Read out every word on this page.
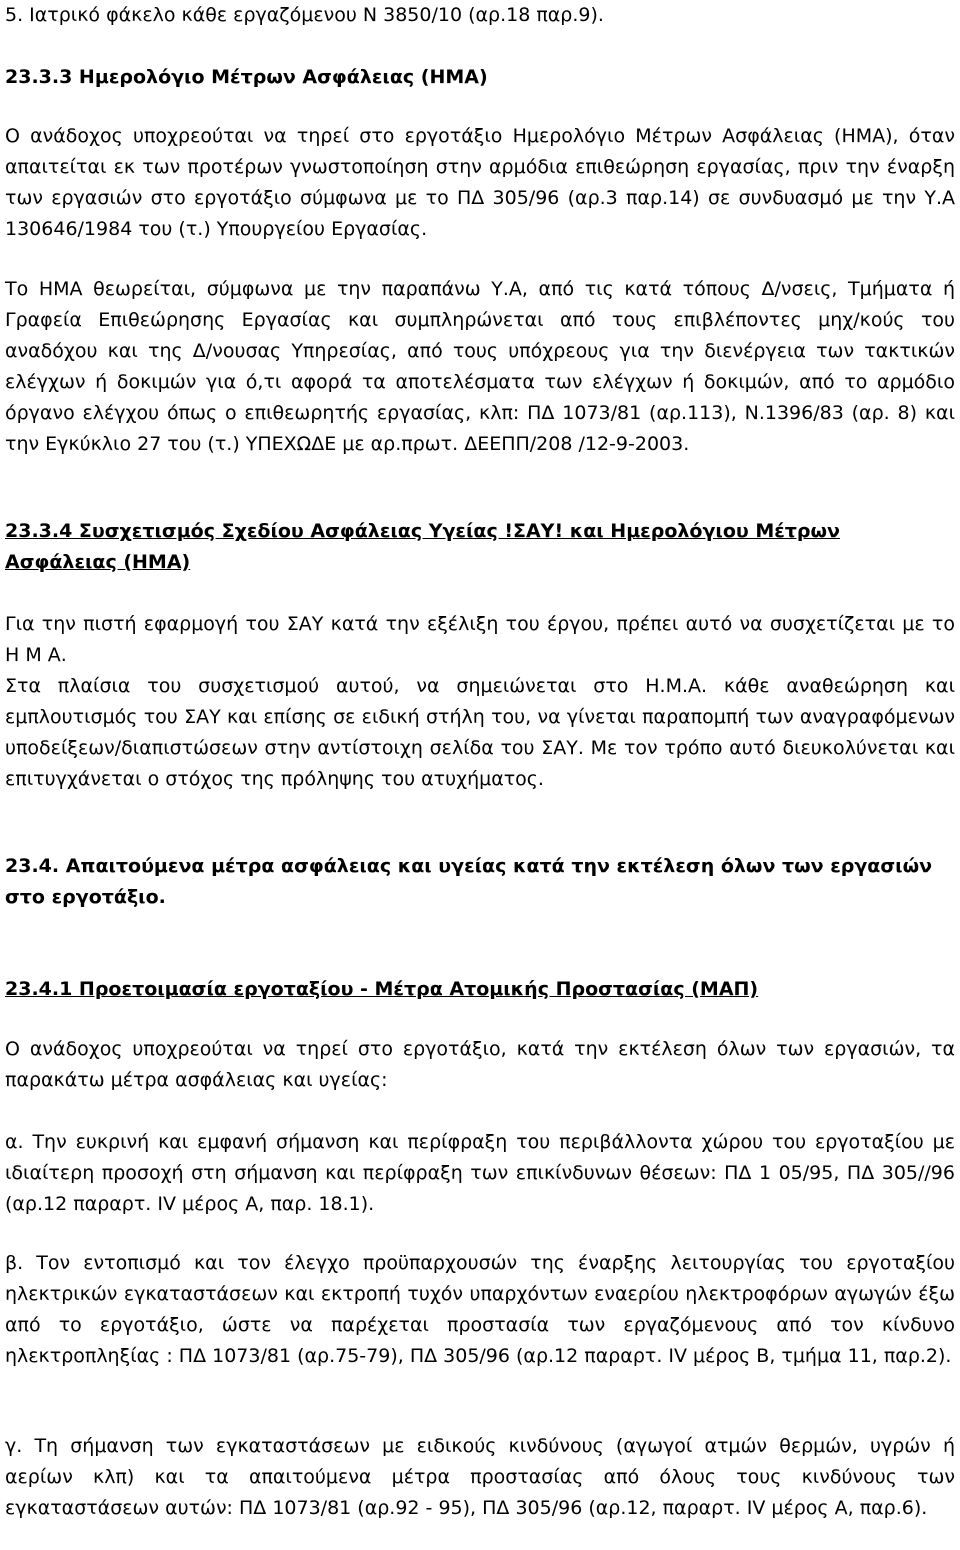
5. Ιατρικό φάκελο κάθε εργαζόμενου Ν 3850/10 (αρ.18 παρ.9).
23.3.3 Ημερολόγιο Μέτρων Ασφάλειας (ΗΜΑ)
Ο ανάδοχος υποχρεούται να τηρεί στο εργοτάξιο Ημερολόγιο Μέτρων Ασφάλειας (ΗΜΑ), όταν απαιτείται εκ των προτέρων γνωστοποίηση στην αρμόδια επιθεώρηση εργασίας, πριν την έναρξη των εργασιών στο εργοτάξιο σύμφωνα με το ΠΔ 305/96 (αρ.3 παρ.14) σε συνδυασμό με την Υ.Α 130646/1984 του (τ.) Υπουργείου Εργασίας.
Το ΗΜΑ θεωρείται, σύμφωνα με την παραπάνω Υ.Α, από τις κατά τόπους Δ/νσεις, Τμήματα ή Γραφεία Επιθεώρησης Εργασίας και συμπληρώνεται από τους επιβλέποντες μηχ/κούς του αναδόχου και της Δ/νουσας Υπηρεσίας, από τους υπόχρεους για την διενέργεια των τακτικών ελέγχων ή δοκιμών για ό,τι αφορά τα αποτελέσματα των ελέγχων ή δοκιμών, από το αρμόδιο όργανο ελέγχου όπως ο επιθεωρητής εργασίας, κλπ: ΠΔ 1073/81 (αρ.113), Ν.1396/83 (αρ. 8) και την Εγκύκλιο 27 του (τ.) ΥΠΕΧΩΔΕ με αρ.πρωτ. ΔΕΕΠΠ/208 /12-9-2003.
23.3.4 Συσχετισμός Σχεδίου Ασφάλειας Υγείας !ΣΑΥ! και Ημερολόγιου Μέτρων Ασφάλειας (ΗΜΑ)
Για την πιστή εφαρμογή του ΣΑΥ κατά την εξέλιξη του έργου, πρέπει αυτό να συσχετίζεται με το Η Μ Α.
Στα πλαίσια του συσχετισμού αυτού, να σημειώνεται στο Η.Μ.Α. κάθε αναθεώρηση και εμπλουτισμός του ΣΑΥ και επίσης σε ειδική στήλη του, να γίνεται παραπομπή των αναγραφόμενων υποδείξεων/διαπιστώσεων στην αντίστοιχη σελίδα του ΣΑΥ. Με τον τρόπο αυτό διευκολύνεται και επιτυγχάνεται ο στόχος της πρόληψης του ατυχήματος.
23.4. Απαιτούμενα μέτρα ασφάλειας και υγείας κατά την εκτέλεση όλων των εργασιών στο εργοτάξιο.
23.4.1 Προετοιμασία εργοταξίου - Μέτρα Ατομικής Προστασίας (ΜΑΠ)
Ο ανάδοχος υποχρεούται να τηρεί στο εργοτάξιο, κατά την εκτέλεση όλων των εργασιών, τα παρακάτω μέτρα ασφάλειας και υγείας:
α. Την ευκρινή και εμφανή σήμανση και περίφραξη του περιβάλλοντα χώρου του εργοταξίου με ιδιαίτερη προσοχή στη σήμανση και περίφραξη των επικίνδυνων θέσεων: ΠΔ 1 05/95, ΠΔ 305//96 (αρ.12 παραρτ. IV μέρος Α, παρ. 18.1).
β. Τον εντοπισμό και τον έλεγχο προϋπαρχουσών της έναρξης λειτουργίας του εργοταξίου ηλεκτρικών εγκαταστάσεων και εκτροπή τυχόν υπαρχόντων εναερίου ηλεκτροφόρων αγωγών έξω από το εργοτάξιο, ώστε να παρέχεται προστασία των εργαζόμενους από τον κίνδυνο ηλεκτροπληξίας : ΠΔ 1073/81 (αρ.75-79), ΠΔ 305/96 (αρ.12 παραρτ. IV μέρος Β, τμήμα 11, παρ.2).
γ. Τη σήμανση των εγκαταστάσεων με ειδικούς κινδύνους (αγωγοί ατμών θερμών, υγρών ή αερίων κλπ) και τα απαιτούμενα μέτρα προστασίας από όλους τους κινδύνους των εγκαταστάσεων αυτών: ΠΔ 1073/81 (αρ.92 - 95), ΠΔ 305/96 (αρ.12, παραρτ. IV μέρος Α, παρ.6).
